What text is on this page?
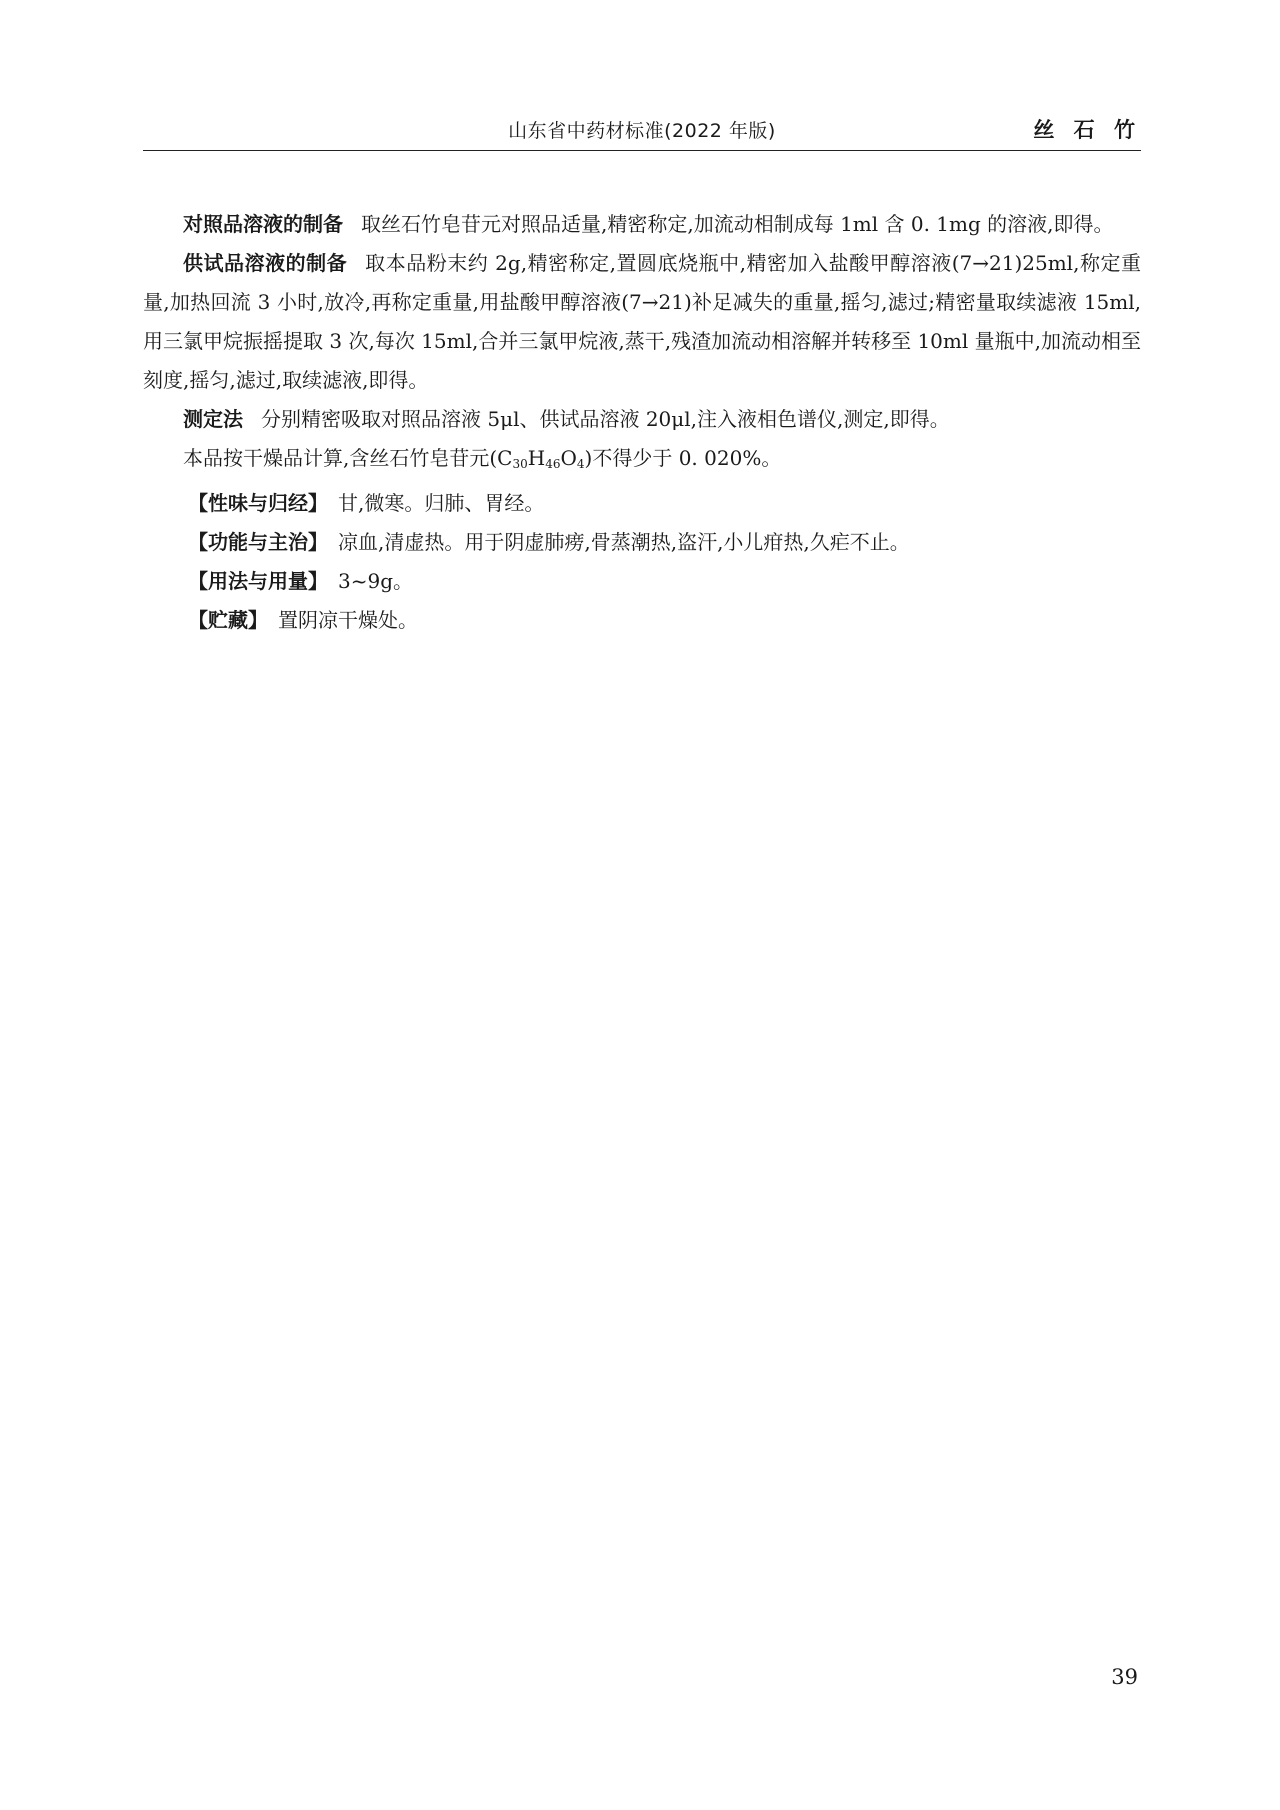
山东省中药材标准(2022 年版)	丝 石 竹

对照品溶液的制备 取丝石竹皂苷元对照品适量,精密称定,加流动相制成每 1ml 含 0. 1mg 的溶液,即得。

供试品溶液的制备 取本品粉末约 2g,精密称定,置圆底烧瓶中,精密加入盐酸甲醇溶液(7→21)25ml,称定重量,加热回流 3 小时,放冷,再称定重量,用盐酸甲醇溶液(7→21)补足减失的重量,摇匀,滤过;精密量取续滤液 15ml,用三氯甲烷振摇提取 3 次,每次 15ml,合并三氯甲烷液,蒸干,残渣加流动相溶解并转移至 10ml 量瓶中,加流动相至刻度,摇匀,滤过,取续滤液,即得。

测定法 分别精密吸取对照品溶液 5μl、供试品溶液 20μl,注入液相色谱仪,测定,即得。

本品按干燥品计算,含丝石竹皂苷元$(C_{30}H_{46}O_4)$不得少于 0. 020%。

【性味与归经】 甘,微寒。归肺、胃经。

【功能与主治】 凉血,清虚热。用于阴虚肺痨,骨蒸潮热,盗汗,小儿疳热,久疟不止。

【用法与用量】 3~9g。

【贮藏】 置阴凉干燥处。

39
